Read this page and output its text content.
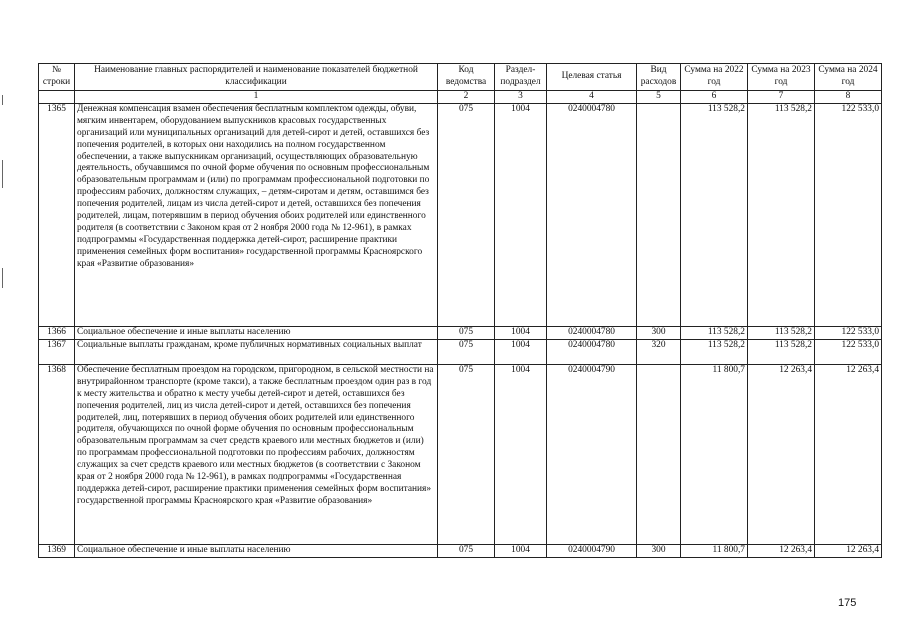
№ строки	Наименование главных распорядителей и наименование показателей бюджетной классификации	Код ведомства	Раздел-подраздел	Целевая статья	Вид расходов	Сумма на 2022 год	Сумма на 2023 год	Сумма на 2024 год
	1	2	3	4	5	6	7	8
1365	Денежная компенсация взамен обеспечения бесплатным комплектом одежды, обуви, мягким инвентарем, оборудованием выпускников красовых государственных организаций или муниципальных организаций для детей-сирот и детей, оставшихся без попечения родителей, в которых они находились на полном государственном обеспечении, а также выпускникам организаций, осуществляющих образовательную деятельность, обучавшимся по очной форме обучения по основным профессиональным образовательным программам и (или) по программам профессиональной подготовки по профессиям рабочих, должностям служащих, – детям-сиротам и детям, оставшимся без попечения родителей, лицам из числа детей-сирот и детей, оставшихся без попечения родителей, лицам, потерявшим в период обучения обоих родителей или единственного родителя (в соответствии с Законом края от 2 ноября 2000 года № 12-961), в рамках подпрограммы «Государственная поддержка детей-сирот, расширение практики применения семейных форм воспитания» государственной программы Красноярского края «Развитие образования»	075	1004	0240004780		113 528,2	113 528,2	122 533,0
1366	Социальное обеспечение и иные выплаты населению	075	1004	0240004780	300	113 528,2	113 528,2	122 533,0
1367	Социальные выплаты гражданам, кроме публичных нормативных социальных выплат	075	1004	0240004780	320	113 528,2	113 528,2	122 533,0
1368	Обеспечение бесплатным проездом на городском, пригородном, в сельской местности на внутрирайонном транспорте (кроме такси), а также бесплатным проездом один раз в год к месту жительства и обратно к месту учебы детей-сирот и детей, оставшихся без попечения родителей, лиц из числа детей-сирот и детей, оставшихся без попечения родителей, лиц, потерявших в период обучения обоих родителей или единственного родителя, обучающихся по очной форме обучения по основным профессиональным образовательным программам за счет средств краевого или местных бюджетов и (или) по программам профессиональной подготовки по профессиям рабочих, должностям служащих за счет средств краевого или местных бюджетов (в соответствии с Законом края от 2 ноября 2000 года № 12-961), в рамках подпрограммы «Государственная поддержка детей-сирот, расширение практики применения семейных форм воспитания» государственной программы Красноярского края «Развитие образования»	075	1004	0240004790		11 800,7	12 263,4	12 263,4
1369	Социальное обеспечение и иные выплаты населению	075	1004	0240004790	300	11 800,7	12 263,4	12 263,4
175
